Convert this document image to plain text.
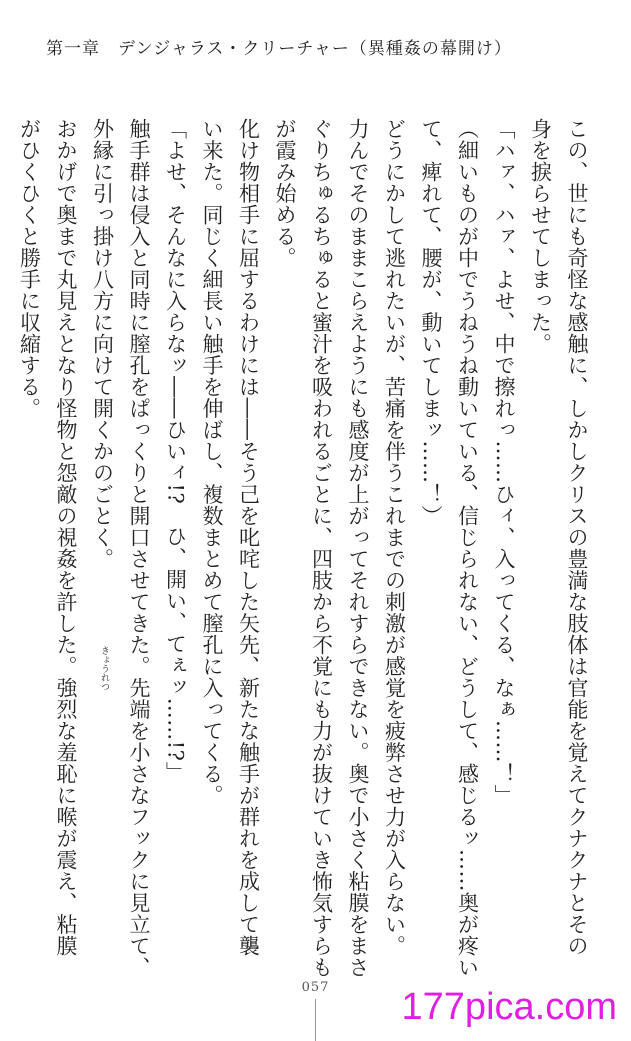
第一章　デンジャラス・クリーチャー（異種姦の幕開け）
この、世にも奇怪な感触に、しかしクリスの豊満な肢体は官能を覚えてクナクナとその
身を捩らせてしまった。
「ハァ、ハァ、よせ、中で擦れっ……ひィ、入ってくる、なぁ……！」
（細いものが中でうねうね動いている、信じられない、どうして、感じるッ……奥が疼い
て、痺れて、腰が、動いてしまッ……！）
どうにかして逃れたいが、苦痛を伴うこれまでの刺激が感覚を疲弊させ力が入らない。
力んでそのままこらえようにも感度が上がってそれすらできない。奥で小さく粘膜をまさ
ぐりちゅるちゅると蜜汁を吸われるごとに、四肢から不覚にも力が抜けていき怖気すらも
が霞み始める。
化け物相手に屈するわけには――そう己を叱咤した矢先、新たな触手が群れを成して襲
い来た。同じく細長い触手を伸ばし、複数まとめて膣孔に入ってくる。
「よせ、そんなに入らなッ――ひいィ!?　ひ、開い、てぇッ……!?」
触手群は侵入と同時に膣孔をぱっくりと開口させてきた。先端を小さなフックに見立て、
外縁に引っ掛け八方に向けて開くかのごとく。
おかげで奥まで丸見えとなり怪物と怨敵の視姦を許した。強烈な羞恥に喉が震え、粘膜
がひくひくと勝手に収縮する。
きょうれつ
057	177pica.com
